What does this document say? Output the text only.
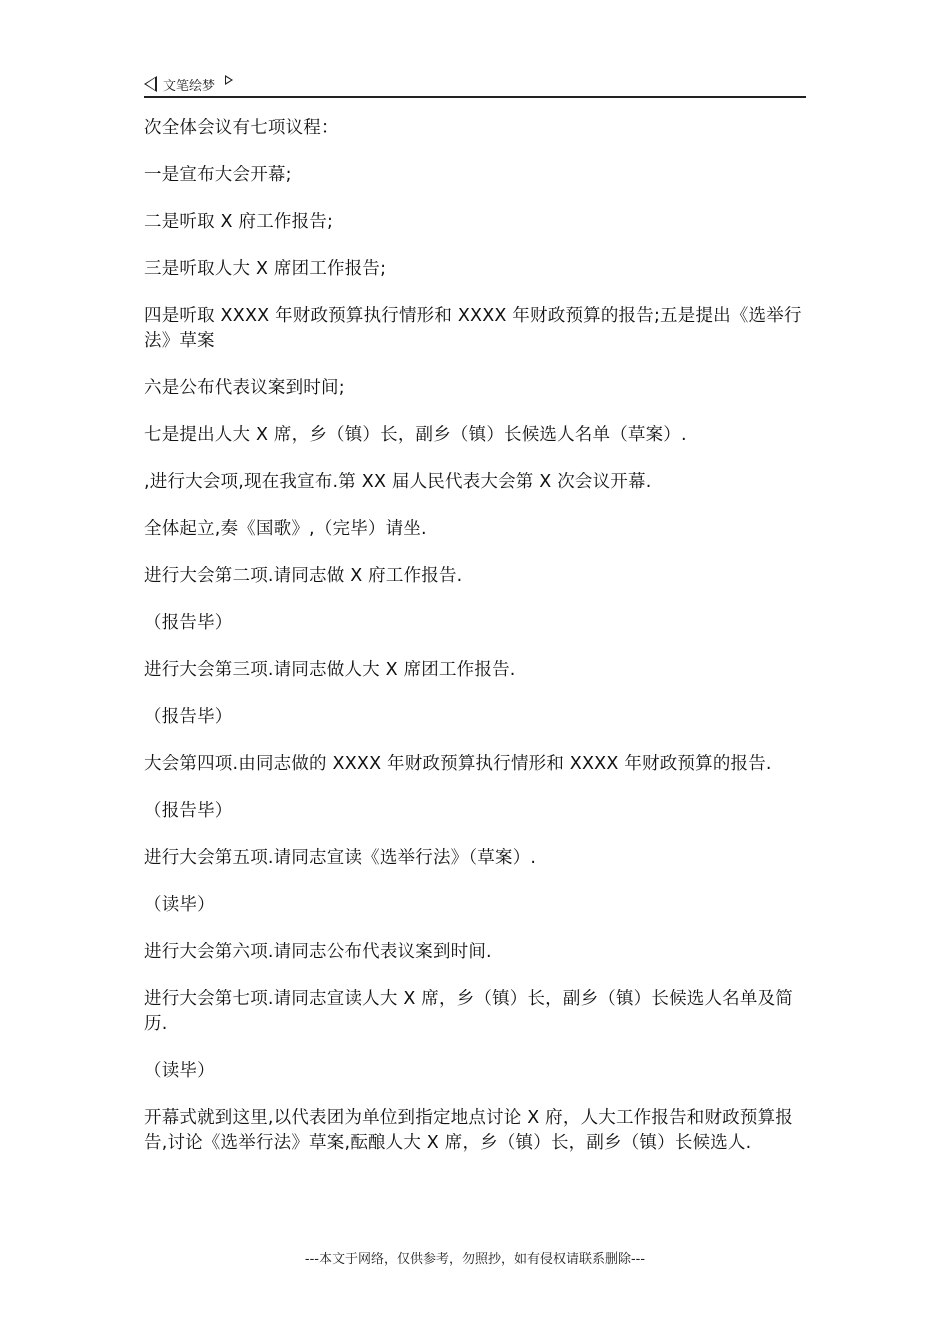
文笔绘梦

次全体会议有七项议程：

一是宣布大会开幕;

二是听取 X 府工作报告;

三是听取人大 X 席团工作报告;

四是听取 XXXX 年财政预算执行情形和 XXXX 年财政预算的报告;五是提出《选举行法》草案

六是公布代表议案到时间;

七是提出人大 X 席，乡（镇）长，副乡（镇）长候选人名单（草案）.

,进行大会项,现在我宣布.第 XX 届人民代表大会第 X 次会议开幕.

全体起立,奏《国歌》,（完毕）请坐.

进行大会第二项.请同志做 X 府工作报告.

（报告毕）

进行大会第三项.请同志做人大 X 席团工作报告.

（报告毕）

大会第四项.由同志做的 XXXX 年财政预算执行情形和 XXXX 年财政预算的报告.

（报告毕）

进行大会第五项.请同志宣读《选举行法》（草案）.

（读毕）

进行大会第六项.请同志公布代表议案到时间.

进行大会第七项.请同志宣读人大 X 席，乡（镇）长，副乡（镇）长候选人名单及简历.

（读毕）

开幕式就到这里,以代表团为单位到指定地点讨论 X 府，人大工作报告和财政预算报告,讨论《选举行法》草案,酝酿人大 X 席，乡（镇）长，副乡（镇）长候选人.

---本文于网络，仅供参考，勿照抄，如有侵权请联系删除---
